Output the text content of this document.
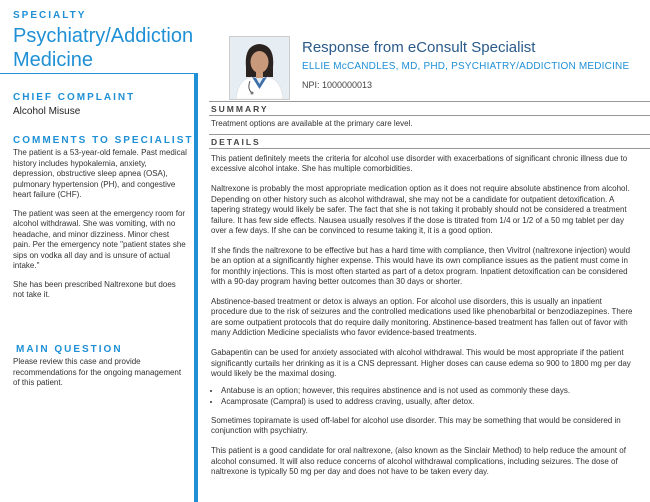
SPECIALTY
Psychiatry/Addiction Medicine
CHIEF COMPLAINT
Alcohol Misuse
COMMENTS TO SPECIALIST

The patient is a 53-year-old female. Past medical history includes hypokalemia, anxiety, depression, obstructive sleep apnea (OSA), pulmonary hypertension (PH), and congestive heart failure (CHF).

The patient was seen at the emergency room for alcohol withdrawal. She was vomiting, with no headache, and minor dizziness. Minor chest pain. Per the emergency note "patient states she sips on vodka all day and is unsure of actual intake."

She has been prescribed Naltrexone but does not take it.

MAIN QUESTION

Please review this case and provide recommendations for the ongoing management of this patient.

Response from eConsult Specialist
ELLIE McCANDLES, MD, PHD, PSYCHIATRY/ADDICTION MEDICINE
NPI: 1000000013
SUMMARY
Treatment options are available at the primary care level.
DETAILS

This patient definitely meets the criteria for alcohol use disorder with exacerbations of significant chronic illness due to excessive alcohol intake. She has multiple comorbidities.

Naltrexone is probably the most appropriate medication option as it does not require absolute abstinence from alcohol. Depending on other history such as alcohol withdrawal, she may not be a candidate for outpatient detoxification. A tapering strategy would likely be safer. The fact that she is not taking it probably should not be considered a treatment failure. It has few side effects. Nausea usually resolves if the dose is titrated from 1/4 or 1/2 of a 50 mg tablet per day over a few days. If she can be convinced to resume taking it, it is a good option.

If she finds the naltrexone to be effective but has a hard time with compliance, then Vivitrol (naltrexone injection) would be an option at a significantly higher expense. This would have its own compliance issues as the patient must come in for monthly injections. This is most often started as part of a detox program. Inpatient detoxification can be considered with a 90-day program having better outcomes than 30 days or shorter.

Abstinence-based treatment or detox is always an option. For alcohol use disorders, this is usually an inpatient procedure due to the risk of seizures and the controlled medications used like phenobarbital or benzodiazepines. There are some outpatient protocols that do require daily monitoring. Abstinence-based treatment has fallen out of favor with many Addiction Medicine specialists who favor evidence-based treatments.

Gabapentin can be used for anxiety associated with alcohol withdrawal. This would be most appropriate if the patient significantly curtails her drinking as it is a CNS depressant. Higher doses can cause edema so 900 to 1800 mg per day would likely be the maximal dosing.

• Antabuse is an option; however, this requires abstinence and is not used as commonly these days.
• Acamprosate (Campral) is used to address craving, usually, after detox.

Sometimes topiramate is used off-label for alcohol use disorder. This may be something that would be considered in conjunction with psychiatry.

This patient is a good candidate for oral naltrexone, (also known as the Sinclair Method) to help reduce the amount of alcohol consumed. It will also reduce concerns of alcohol withdrawal complications, including seizures. The dose of naltrexone is typically 50 mg per day and does not have to be taken every day.
